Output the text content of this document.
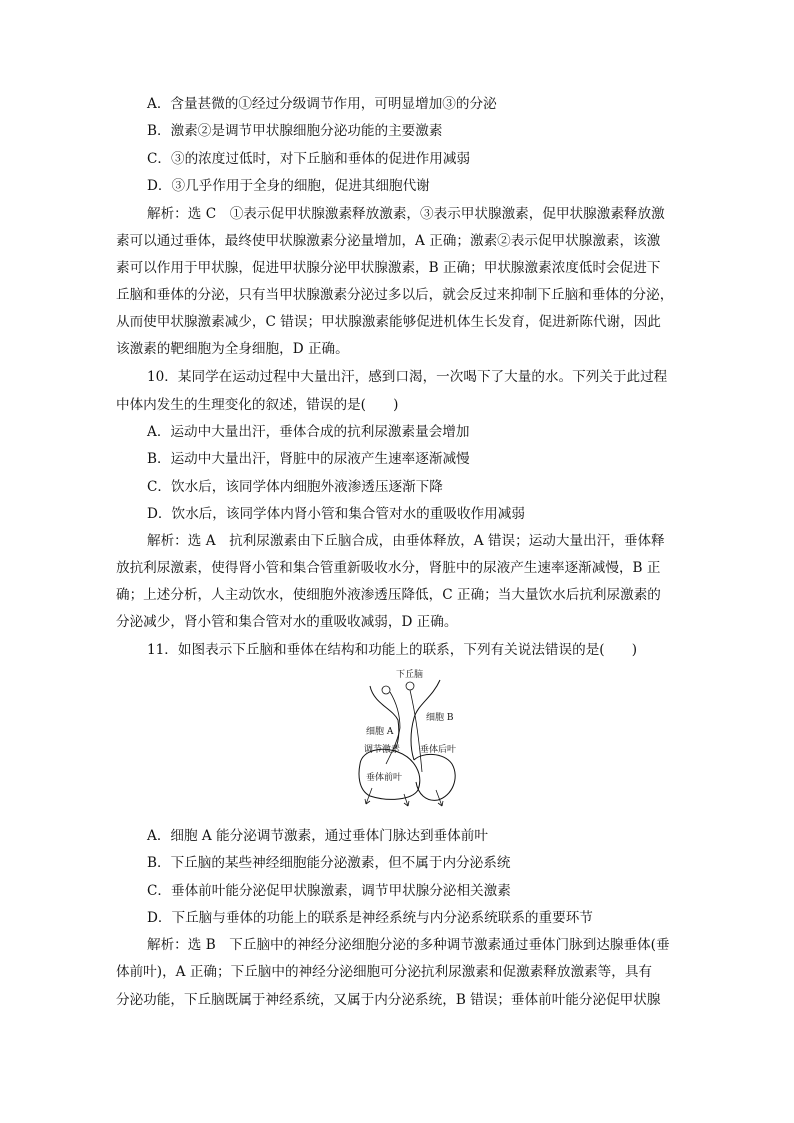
A．含量甚微的①经过分级调节作用，可明显增加③的分泌
B．激素②是调节甲状腺细胞分泌功能的主要激素
C．③的浓度过低时，对下丘脑和垂体的促进作用减弱
D．③几乎作用于全身的细胞，促进其细胞代谢
解析：选 C　①表示促甲状腺激素释放激素，③表示甲状腺激素，促甲状腺激素释放激
素可以通过垂体，最终使甲状腺激素分泌量增加，A 正确；激素②表示促甲状腺激素，该激
素可以作用于甲状腺，促进甲状腺分泌甲状腺激素，B 正确；甲状腺激素浓度低时会促进下
丘脑和垂体的分泌，只有当甲状腺激素分泌过多以后，就会反过来抑制下丘脑和垂体的分泌，
从而使甲状腺激素减少，C 错误；甲状腺激素能够促进机体生长发育，促进新陈代谢，因此
该激素的靶细胞为全身细胞，D 正确。
10．某同学在运动过程中大量出汗，感到口渴，一次喝下了大量的水。下列关于此过程
中体内发生的生理变化的叙述，错误的是(　　)
A．运动中大量出汗，垂体合成的抗利尿激素量会增加
B．运动中大量出汗，肾脏中的尿液产生速率逐渐减慢
C．饮水后，该同学体内细胞外液渗透压逐渐下降
D．饮水后，该同学体内肾小管和集合管对水的重吸收作用减弱
解析：选 A　抗利尿激素由下丘脑合成，由垂体释放，A 错误；运动大量出汗，垂体释
放抗利尿激素，使得肾小管和集合管重新吸收水分，肾脏中的尿液产生速率逐渐减慢，B 正
确；上述分析，人主动饮水，使细胞外液渗透压降低，C 正确；当大量饮水后抗利尿激素的
分泌减少，肾小管和集合管对水的重吸收减弱，D 正确。
11．如图表示下丘脑和垂体在结构和功能上的联系，下列有关说法错误的是(　　)
下丘脑
细胞 B
细胞 A
调节激素 垂体后叶
垂体前叶
A．细胞 A 能分泌调节激素，通过垂体门脉达到垂体前叶
B．下丘脑的某些神经细胞能分泌激素，但不属于内分泌系统
C．垂体前叶能分泌促甲状腺激素，调节甲状腺分泌相关激素
D．下丘脑与垂体的功能上的联系是神经系统与内分泌系统联系的重要环节
解析：选 B　下丘脑中的神经分泌细胞分泌的多种调节激素通过垂体门脉到达腺垂体(垂
体前叶)，A 正确；下丘脑中的神经分泌细胞可分泌抗利尿激素和促激素释放激素等，具有
分泌功能，下丘脑既属于神经系统，又属于内分泌系统，B 错误；垂体前叶能分泌促甲状腺
